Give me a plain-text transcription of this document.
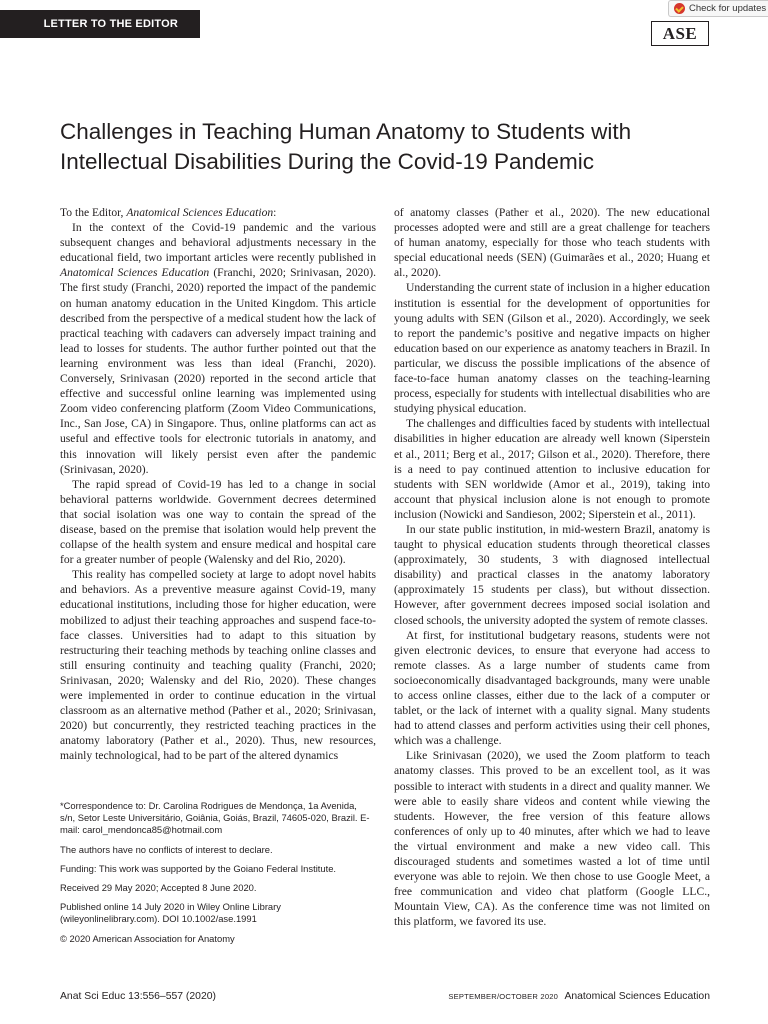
LETTER TO THE EDITOR
Check for updates
ASE
Challenges in Teaching Human Anatomy to Students with
Intellectual Disabilities During the Covid-19 Pandemic

To the Editor, Anatomical Sciences Education:

In the context of the Covid-19 pandemic and the various subsequent changes and behavioral adjustments necessary in the educational field, two important articles were recently published in Anatomical Sciences Education (Franchi, 2020; Srinivasan, 2020). The first study (Franchi, 2020) reported the impact of the pandemic on human anatomy education in the United Kingdom. This article described from the perspective of a medical student how the lack of practical teaching with cadavers can adversely impact training and lead to losses for students. The author further pointed out that the learning environment was less than ideal (Franchi, 2020). Conversely, Srinivasan (2020) reported in the second article that effective and successful online learning was implemented using Zoom video conferencing platform (Zoom Video Communications, Inc., San Jose, CA) in Singapore. Thus, online platforms can act as useful and effective tools for electronic tutorials in anatomy, and this innovation will likely persist even after the pandemic (Srinivasan, 2020).

The rapid spread of Covid-19 has led to a change in social behavioral patterns worldwide. Government decrees determined that social isolation was one way to contain the spread of the disease, based on the premise that isolation would help prevent the collapse of the health system and ensure medical and hospital care for a greater number of people (Walensky and del Rio, 2020).

This reality has compelled society at large to adopt novel habits and behaviors. As a preventive measure against Covid-19, many educational institutions, including those for higher education, were mobilized to adjust their teaching approaches and suspend face-to-face classes. Universities had to adapt to this situation by restructuring their teaching methods by teaching online classes and still ensuring continuity and teaching quality (Franchi, 2020; Srinivasan, 2020; Walensky and del Rio, 2020). These changes were implemented in order to continue education in the virtual classroom as an alternative method (Pather et al., 2020; Srinivasan, 2020) but concurrently, they restricted teaching practices in the anatomy laboratory (Pather et al., 2020). Thus, new resources, mainly technological, had to be part of the altered dynamics

of anatomy classes (Pather et al., 2020). The new educational processes adopted were and still are a great challenge for teachers of human anatomy, especially for those who teach students with special educational needs (SEN) (Guimarães et al., 2020; Huang et al., 2020).

Understanding the current state of inclusion in a higher education institution is essential for the development of opportunities for young adults with SEN (Gilson et al., 2020). Accordingly, we seek to report the pandemic’s positive and negative impacts on higher education based on our experience as anatomy teachers in Brazil. In particular, we discuss the possible implications of the absence of face-to-face human anatomy classes on the teaching-learning process, especially for students with intellectual disabilities who are studying physical education.

The challenges and difficulties faced by students with intellectual disabilities in higher education are already well known (Siperstein et al., 2011; Berg et al., 2017; Gilson et al., 2020). Therefore, there is a need to pay continued attention to inclusive education for students with SEN worldwide (Amor et al., 2019), taking into account that physical inclusion alone is not enough to promote inclusion (Nowicki and Sandieson, 2002; Siperstein et al., 2011).

In our state public institution, in mid-western Brazil, anatomy is taught to physical education students through theoretical classes (approximately, 30 students, 3 with diagnosed intellectual disability) and practical classes in the anatomy laboratory (approximately 15 students per class), but without dissection. However, after government decrees imposed social isolation and closed schools, the university adopted the system of remote classes.

At first, for institutional budgetary reasons, students were not given electronic devices, to ensure that everyone had access to remote classes. As a large number of students came from socioeconomically disadvantaged backgrounds, many were unable to access online classes, either due to the lack of a computer or tablet, or the lack of internet with a quality signal. Many students had to attend classes and perform activities using their cell phones, which was a challenge.

Like Srinivasan (2020), we used the Zoom platform to teach anatomy classes. This proved to be an excellent tool, as it was possible to interact with students in a direct and quality manner. We were able to easily share videos and content while viewing the students. However, the free version of this feature allows conferences of only up to 40 minutes, after which we had to leave the virtual environment and make a new video call. This discouraged students and sometimes wasted a lot of time until everyone was able to rejoin. We then chose to use Google Meet, a free communication and video chat platform (Google LLC., Mountain View, CA). As the conference time was not limited on this platform, we favored its use.

*Correspondence to: Dr. Carolina Rodrigues de Mendonça, 1a Avenida, s/n, Setor Leste Universitário, Goiânia, Goiás, Brazil, 74605-020, Brazil. E-mail: carol_mendonca85@hotmail.com

The authors have no conflicts of interest to declare.

Funding: This work was supported by the Goiano Federal Institute.

Received 29 May 2020; Accepted 8 June 2020.

Published online 14 July 2020 in Wiley Online Library (wileyonlinelibrary.com). DOI 10.1002/ase.1991

© 2020 American Association for Anatomy

Anat Sci Educ 13:556–557 (2020)	SEPTEMBER/OCTOBER 2020 Anatomical Sciences Education
